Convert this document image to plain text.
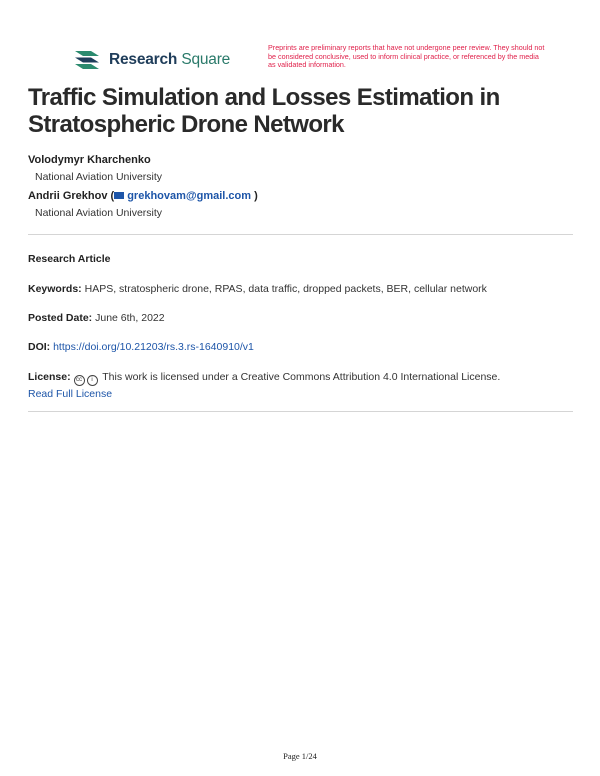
Research Square
Preprints are preliminary reports that have not undergone peer review. They should not be considered conclusive, used to inform clinical practice, or referenced by the media as validated information.
Traffic Simulation and Losses Estimation in Stratospheric Drone Network
Volodymyr Kharchenko
National Aviation University
Andrii Grekhov ( grekhovam@gmail.com )
National Aviation University
Research Article
Keywords: HAPS, stratospheric drone, RPAS, data traffic, dropped packets, BER, cellular network
Posted Date: June 6th, 2022
DOI: https://doi.org/10.21203/rs.3.rs-1640910/v1
License: cc i This work is licensed under a Creative Commons Attribution 4.0 International License.
Read Full License
Page 1/24
